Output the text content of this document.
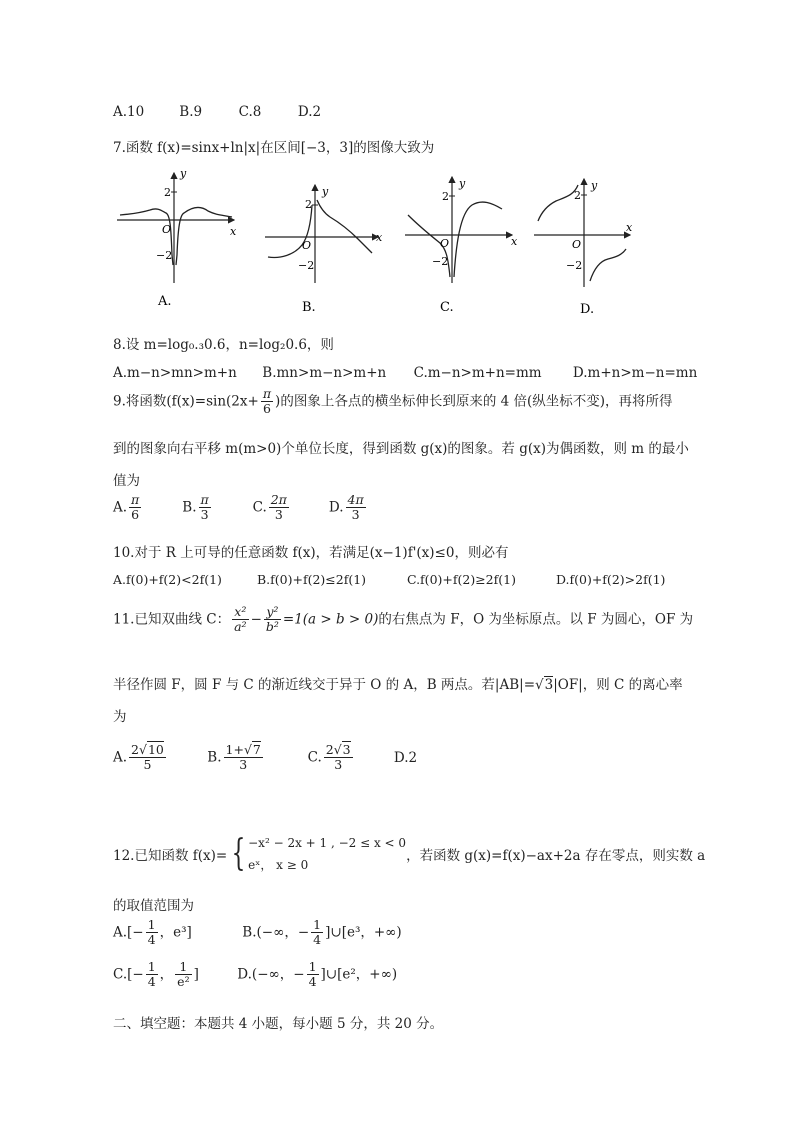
A.10	B.9	C.8	D.2
7.函数 f(x)=sinx+ln|x|在区间[−3，3]的图像大致为
2
−2
O	x
y
A.
2
−2
O
x
y
B.
2
−2
O	x
y
C.
2
−2
O
x
y
D.
8.设 m=log₀.₃0.6，n=log₂0.6，则
A.m−n>mn>m+n B.mn>m−n>m+n C.m−n>m+n=mm D.m+n>m−n=mn
9.将函数($f(x)=\sin(2x+ \frac{\pi}{6}$ )的图象上各点的横坐标伸长到原来的 4 倍(纵坐标不变)，再将所得
到的图象向右平移 m(m>0)个单位长度，得到函数 g(x)的图象。若 g(x)为偶函数，则 m 的最小
值为
A. $\frac{\pi}{6}$	B. $\frac{\pi}{3}$	C. $\frac{2\pi}{3}$	D. $\frac{4\pi}{3}$
10.对于 R 上可导的任意函数 f(x)，若满足(x−1)f'(x)≤0，则必有
A.f(0)+f(2)<2f(1)	B.f(0)+f(2)≤2f(1)	C.f(0)+f(2)≥2f(1)	D.f(0)+f(2)>2f(1)
11.已知双曲线 C： $\frac{\text{x²}}{\text{a²}} - \frac{\text{y²}}{\text{b²}} =1(a > b > 0)$的右焦点为 F，O 为坐标原点。以 F 为圆心，OF 为
半径作圆 F，圆 F 与 C 的渐近线交于异于 O 的 A，B 两点。若|AB|=√3|OF|，则 C 的离心率
为
A. $\frac{2√10}{5}$	B. $\frac{1+√7}{3}$	C. $\frac{2√3}{3}$	D.2
12.已知函数 f(x)= { −x² − 2x + 1 , −2 ≤ x < 0
eˣ， x ≥ 0
，若函数 g(x)=f(x)−ax+2a 存在零点，则实数 a
的取值范围为
$A.[- \frac{1}{4}$ ，e³]	B.(−∞，− $\frac{1}{4}$ ]∪[e³，+∞)
$C.[- \frac{1}{4}$ ， $\frac{1}{\text{e²}}$ ]	D.(−∞，− $\frac{1}{4}$ ]∪[e²，+∞)
二、填空题：本题共 4 小题，每小题 5 分，共 20 分。
